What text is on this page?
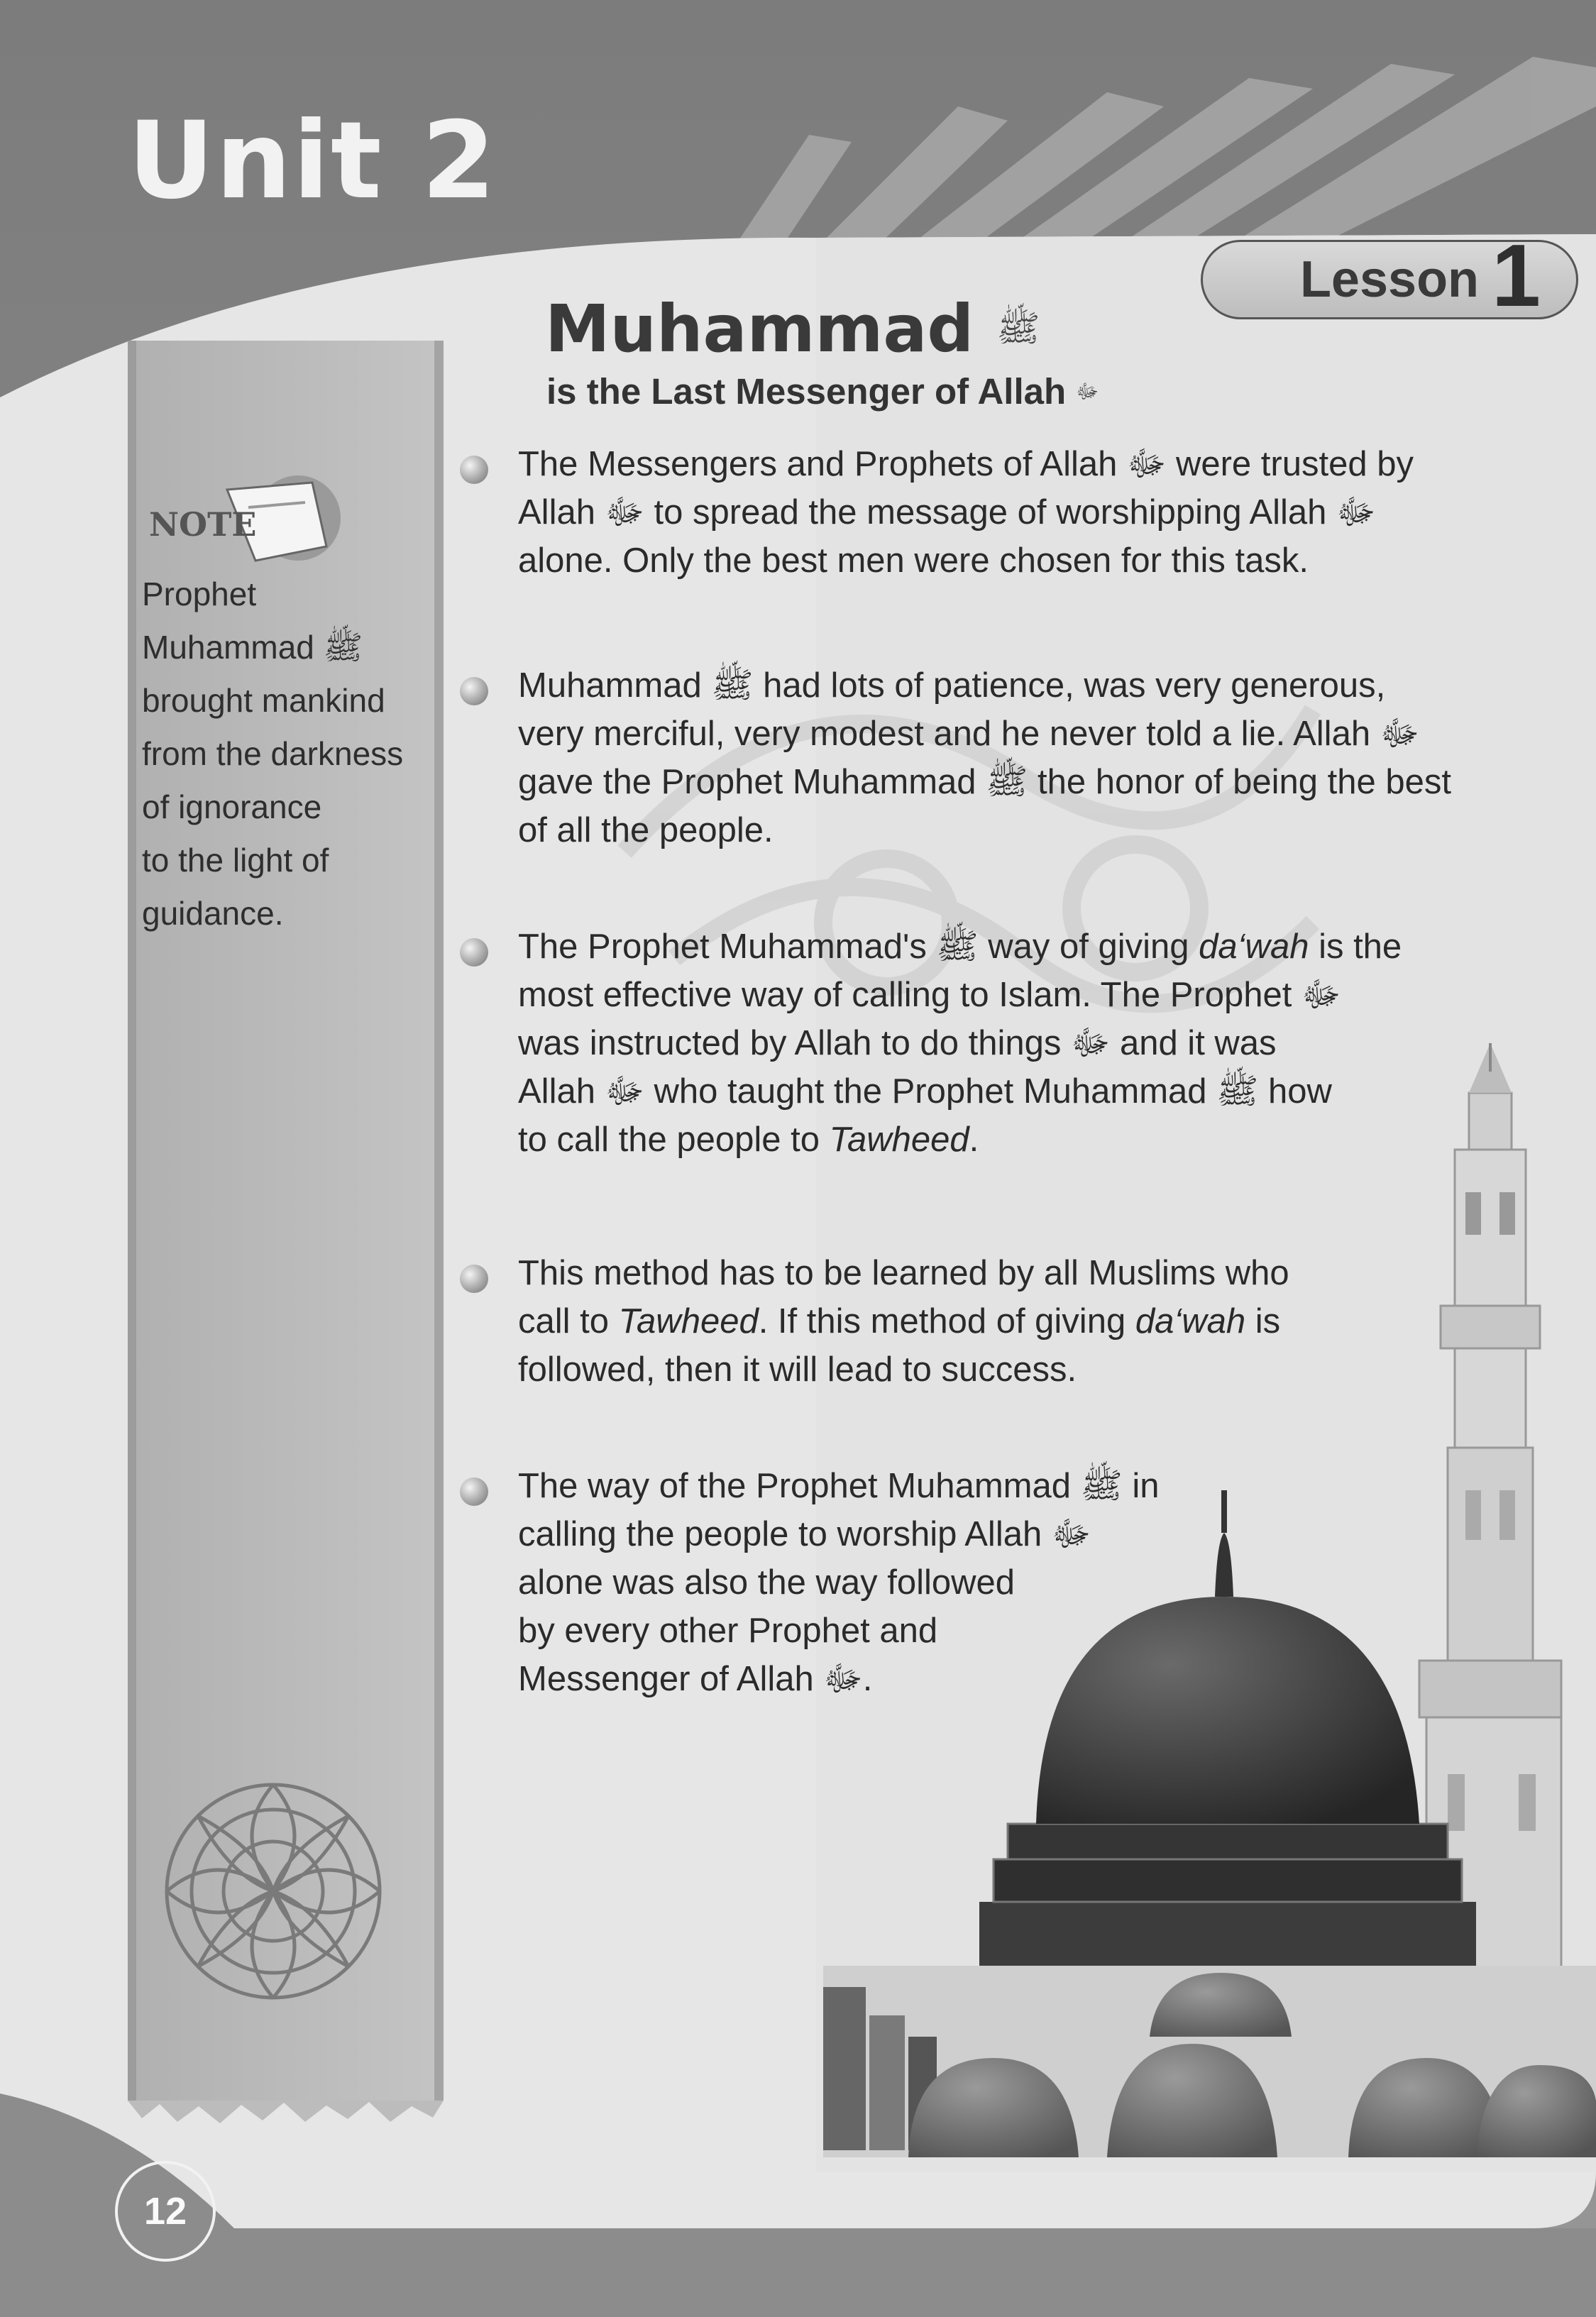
NOTE
Unit 2
Lesson 1
Muhammad ﷺ
is the Last Messenger of Allah ﷻ
Prophet
Muhammad ﷺ
brought mankind
from the darkness
of ignorance
to the light of
guidance.
The Messengers and Prophets of Allah ﷻ were trusted by
Allah ﷻ to spread the message of worshipping Allah ﷻ
alone. Only the best men were chosen for this task.
Muhammad ﷺ had lots of patience, was very generous,
very merciful, very modest and he never told a lie. Allah ﷻ
gave the Prophet Muhammad ﷺ the honor of being the best
of all the people.
The Prophet Muhammad's ﷺ way of giving da‘wah is the
most effective way of calling to Islam. The Prophet ﷻ
was instructed by Allah to do things ﷻ and it was
Allah ﷻ who taught the Prophet Muhammad ﷺ how
to call the people to Tawheed.
This method has to be learned by all Muslims who
call to Tawheed. If this method of giving da‘wah is
followed, then it will lead to success.
The way of the Prophet Muhammad ﷺ in
calling the people to worship Allah ﷻ
alone was also the way followed
by every other Prophet and
Messenger of Allah ﷻ.
12
